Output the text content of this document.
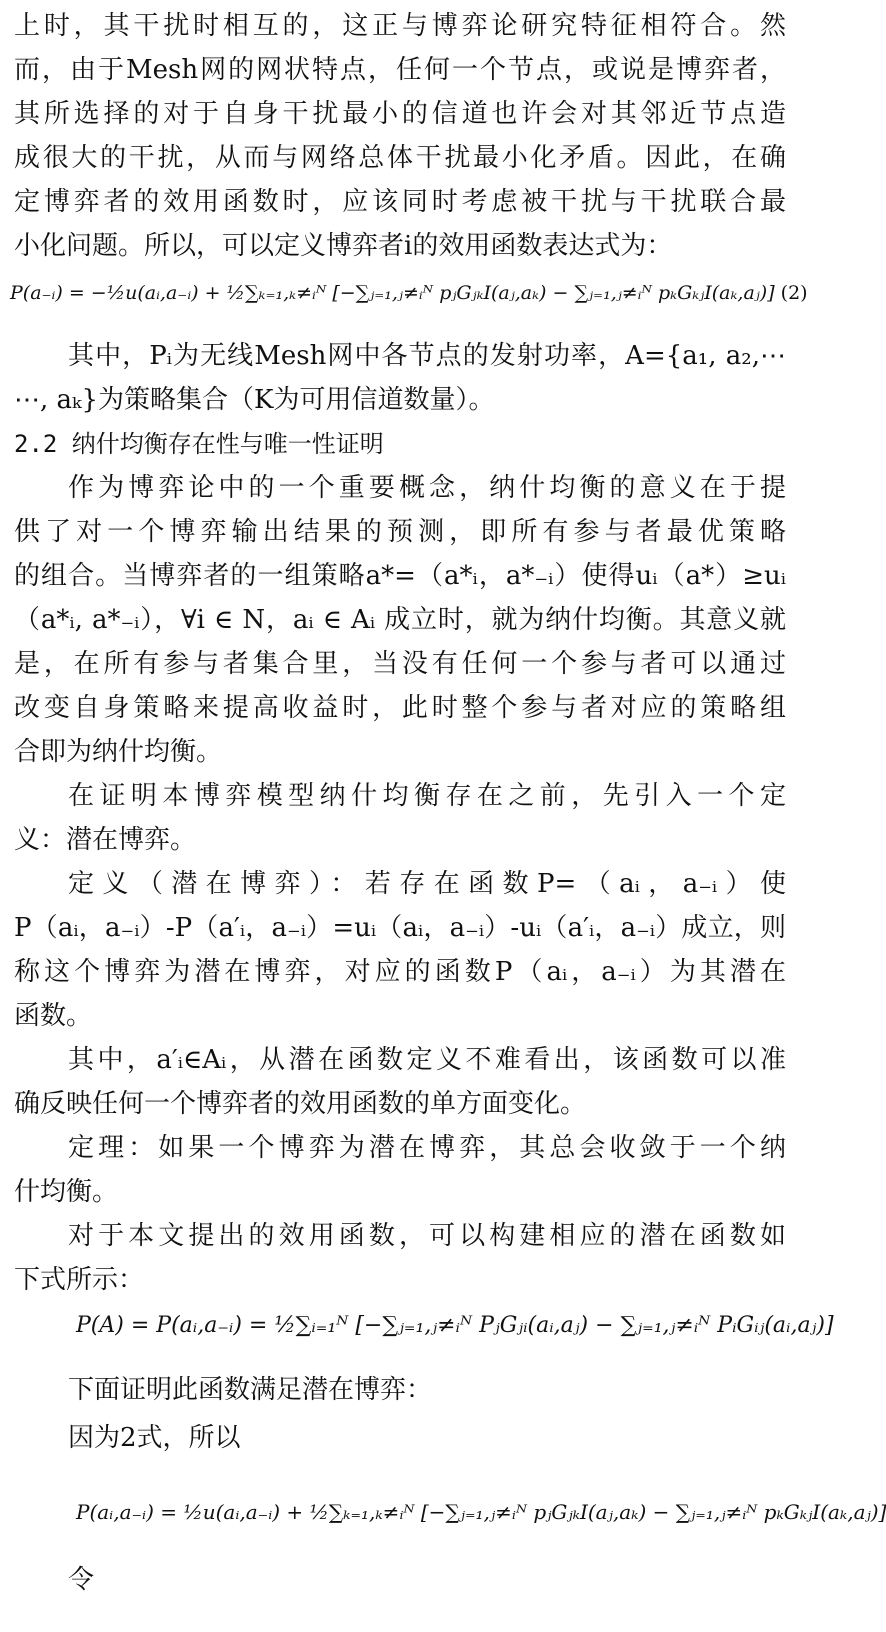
上时，其干扰时相互的，这正与博弈论研究特征相符合。然
而，由于Mesh网的网状特点，任何一个节点，或说是博弈者，
其所选择的对于自身干扰最小的信道也许会对其邻近节点造
成很大的干扰，从而与网络总体干扰最小化矛盾。因此，在确
定博弈者的效用函数时，应该同时考虑被干扰与干扰联合最
小化问题。所以，可以定义博弈者i的效用函数表达式为：
P(a₋ᵢ) = −½u(aᵢ,a₋ᵢ) + ½∑ₖ₌₁,ₖ≠ᵢᴺ [−∑ⱼ₌₁,ⱼ≠ᵢᴺ pⱼGⱼₖI(aⱼ,aₖ) − ∑ⱼ₌₁,ⱼ≠ᵢᴺ pₖGₖⱼI(aₖ,aⱼ)] (2)
其中，Pᵢ为无线Mesh网中各节点的发射功率，A={a₁, a₂,⋯
⋯, aₖ}为策略集合（K为可用信道数量）。
2.2 纳什均衡存在性与唯一性证明
作为博弈论中的一个重要概念，纳什均衡的意义在于提
供了对一个博弈输出结果的预测，即所有参与者最优策略
的组合。当博弈者的一组策略a*=（a*ᵢ，a*₋ᵢ）使得uᵢ（a*）≥uᵢ
（a*ᵢ, a*₋ᵢ），∀i ∈ N，aᵢ ∈ Aᵢ 成立时，就为纳什均衡。其意义就
是，在所有参与者集合里，当没有任何一个参与者可以通过
改变自身策略来提高收益时，此时整个参与者对应的策略组
合即为纳什均衡。
在证明本博弈模型纳什均衡存在之前，先引入一个定
义：潜在博弈。
定义（潜在博弈）：若存在函数P=（aᵢ，a₋ᵢ）使
P（aᵢ，a₋ᵢ）-P（a′ᵢ，a₋ᵢ）=uᵢ（aᵢ，a₋ᵢ）-uᵢ（a′ᵢ，a₋ᵢ）成立，则
称这个博弈为潜在博弈，对应的函数P（aᵢ，a₋ᵢ）为其潜在
函数。
其中，a′ᵢ∈Aᵢ，从潜在函数定义不难看出，该函数可以准
确反映任何一个博弈者的效用函数的单方面变化。
定理：如果一个博弈为潜在博弈，其总会收敛于一个纳
什均衡。
对于本文提出的效用函数，可以构建相应的潜在函数如
下式所示：
P(A) = P(aᵢ,a₋ᵢ) = ½∑ᵢ₌₁ᴺ [−∑ⱼ₌₁,ⱼ≠ᵢᴺ PⱼGⱼᵢ(aᵢ,aⱼ) − ∑ⱼ₌₁,ⱼ≠ᵢᴺ PᵢGᵢⱼ(aᵢ,aⱼ)]
下面证明此函数满足潜在博弈：
因为2式，所以
P(aᵢ,a₋ᵢ) = ½u(aᵢ,a₋ᵢ) + ½∑ₖ₌₁,ₖ≠ᵢᴺ [−∑ⱼ₌₁,ⱼ≠ᵢᴺ pⱼGⱼₖI(aⱼ,aₖ) − ∑ⱼ₌₁,ⱼ≠ᵢᴺ pₖGₖⱼI(aₖ,aⱼ)]
令
